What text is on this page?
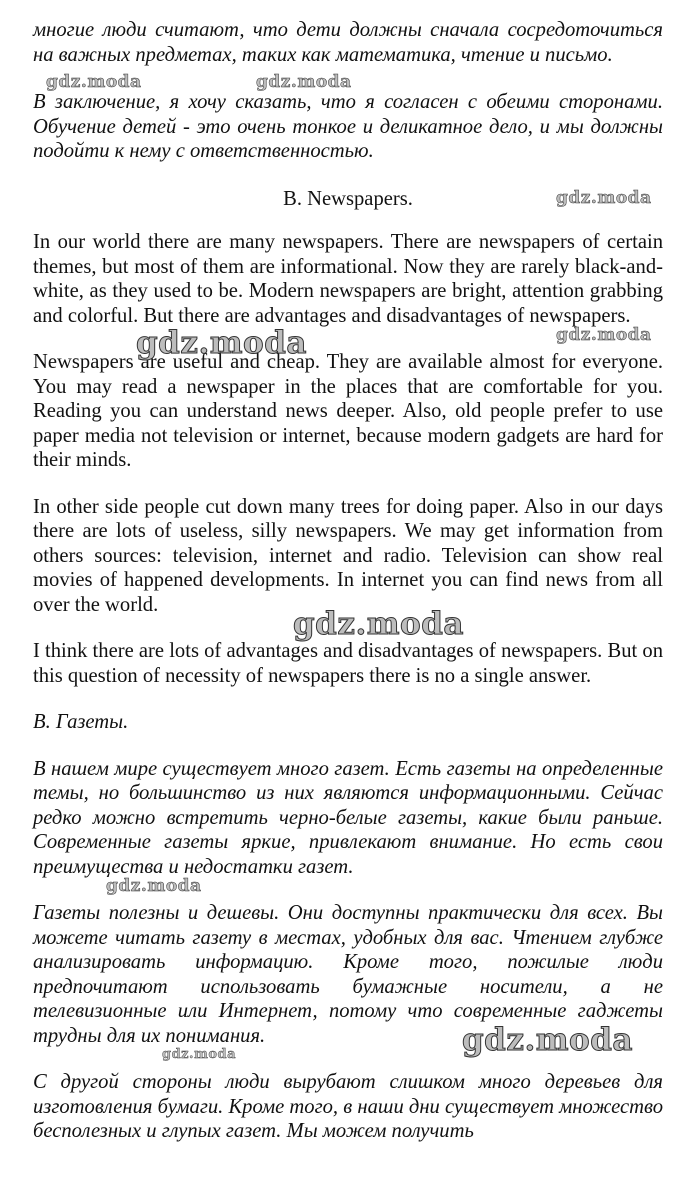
многие люди считают, что дети должны сначала сосредоточиться на важных предметах, таких как математика, чтение и письмо.

В заключение, я хочу сказать, что я согласен с обеими сторонами. Обучение детей - это очень тонкое и деликатное дело, и мы должны подойти к нему с ответственностью.

B. Newspapers.

In our world there are many newspapers. There are newspapers of certain themes, but most of them are informational. Now they are rarely black-and-white, as they used to be. Modern newspapers are bright, attention grabbing and colorful. But there are advantages and disadvantages of newspapers.

Newspapers are useful and cheap. They are available almost for everyone. You may read a newspaper in the places that are comfortable for you. Reading you can understand news deeper. Also, old people prefer to use paper media not television or internet, because modern gadgets are hard for their minds.

In other side people cut down many trees for doing paper. Also in our days there are lots of useless, silly newspapers. We may get information from others sources: television, internet and radio. Television can show real movies of happened developments. In internet you can find news from all over the world.

I think there are lots of advantages and disadvantages of newspapers. But on this question of necessity of newspapers there is no a single answer.

B. Газеты.

В нашем мире существует много газет. Есть газеты на определенные темы, но большинство из них являются информационными. Сейчас редко можно встретить черно-белые газеты, какие были раньше. Современные газеты яркие, привлекают внимание. Но есть свои преимущества и недостатки газет.

Газеты полезны и дешевы. Они доступны практически для всех. Вы можете читать газету в местах, удобных для вас. Чтением глубже анализировать информацию. Кроме того, пожилые люди предпочитают использовать бумажные носители, а не телевизионные или Интернет, потому что современные гаджеты трудны для их понимания.

С другой стороны люди вырубают слишком много деревьев для изготовления бумаги. Кроме того, в наши дни существует множество бесполезных и глупых газет. Мы можем получить

gdz.moda	gdz.moda
gdz.moda
gdz.moda	gdz.moda
gdz.moda
gdz.moda
gdz.moda
gdz.moda
